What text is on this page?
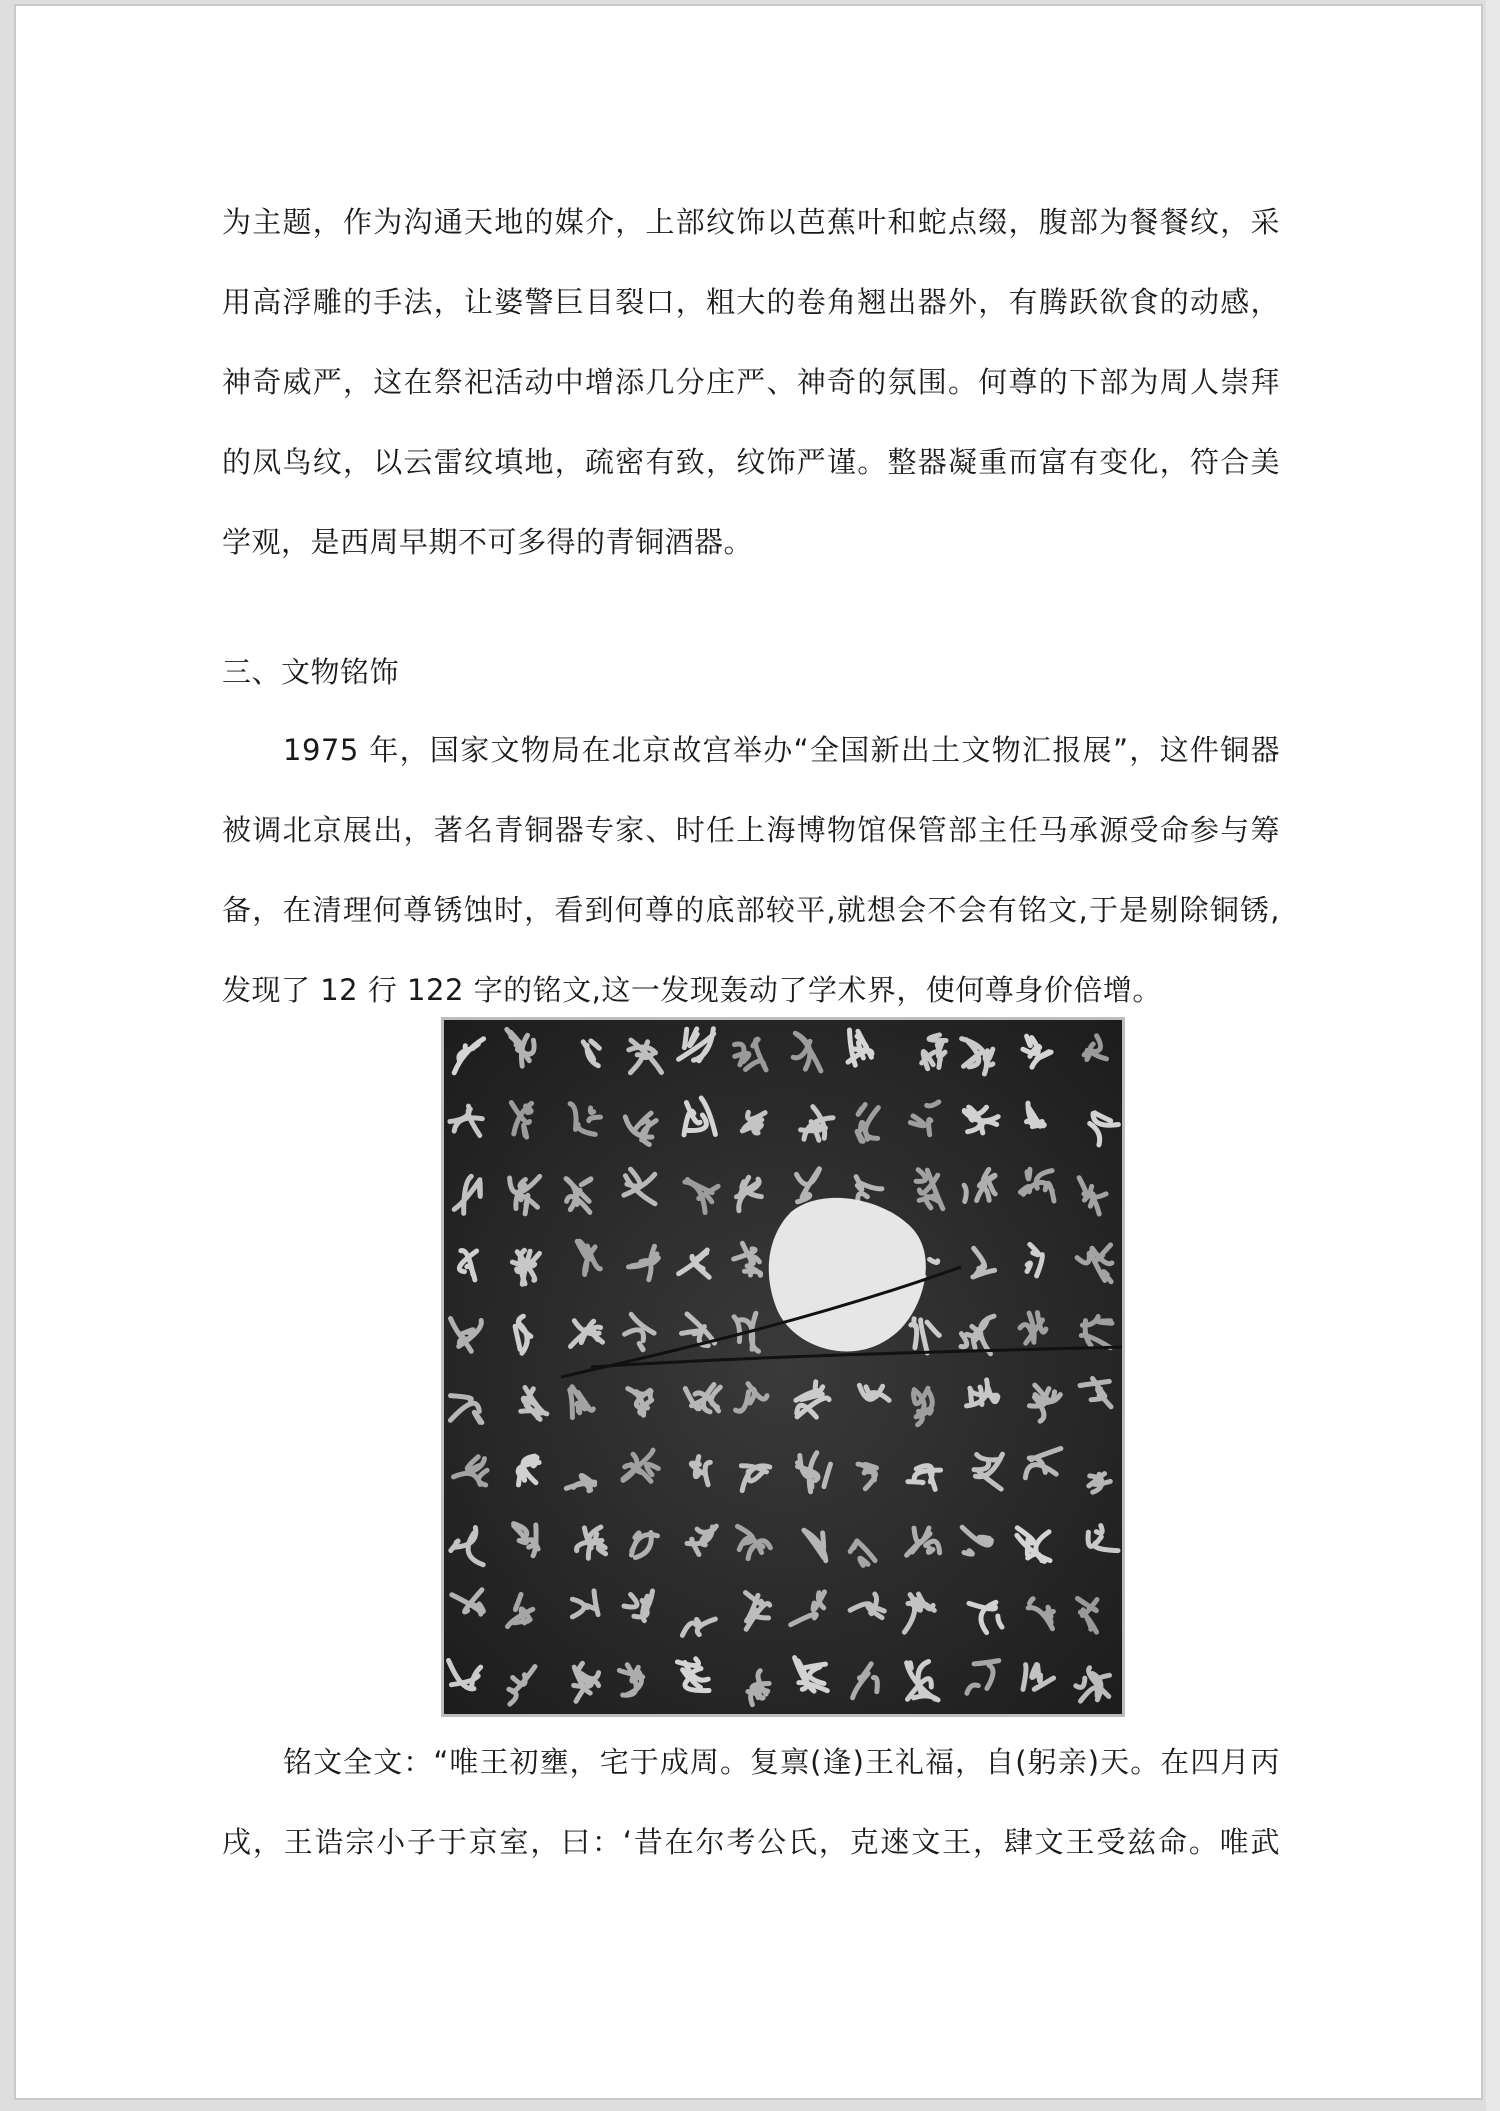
为主题，作为沟通天地的媒介，上部纹饰以芭蕉叶和蛇点缀，腹部为餐餐纹，采
用高浮雕的手法，让婆警巨目裂口，粗大的卷角翘出器外，有腾跃欲食的动感，
神奇威严，这在祭祀活动中增添几分庄严、神奇的氛围。何尊的下部为周人崇拜
的凤鸟纹，以云雷纹填地，疏密有致，纹饰严谨。整器凝重而富有变化，符合美
学观，是西周早期不可多得的青铜酒器。
三、文物铭饰
1975 年，国家文物局在北京故宫举办“全国新出土文物汇报展”，这件铜器
被调北京展出，著名青铜器专家、时任上海博物馆保管部主任马承源受命参与筹
备，在清理何尊锈蚀时，看到何尊的底部较平,就想会不会有铭文,于是剔除铜锈,
发现了 12 行 122 字的铭文,这一发现轰动了学术界，使何尊身价倍增。
铭文全文：“唯王初壅，宅于成周。复禀(逢)王礼福，自(躬亲)天。在四月丙
戌，王诰宗小子于京室，曰：‘昔在尔考公氏，克逨文王，肆文王受兹命。唯武
